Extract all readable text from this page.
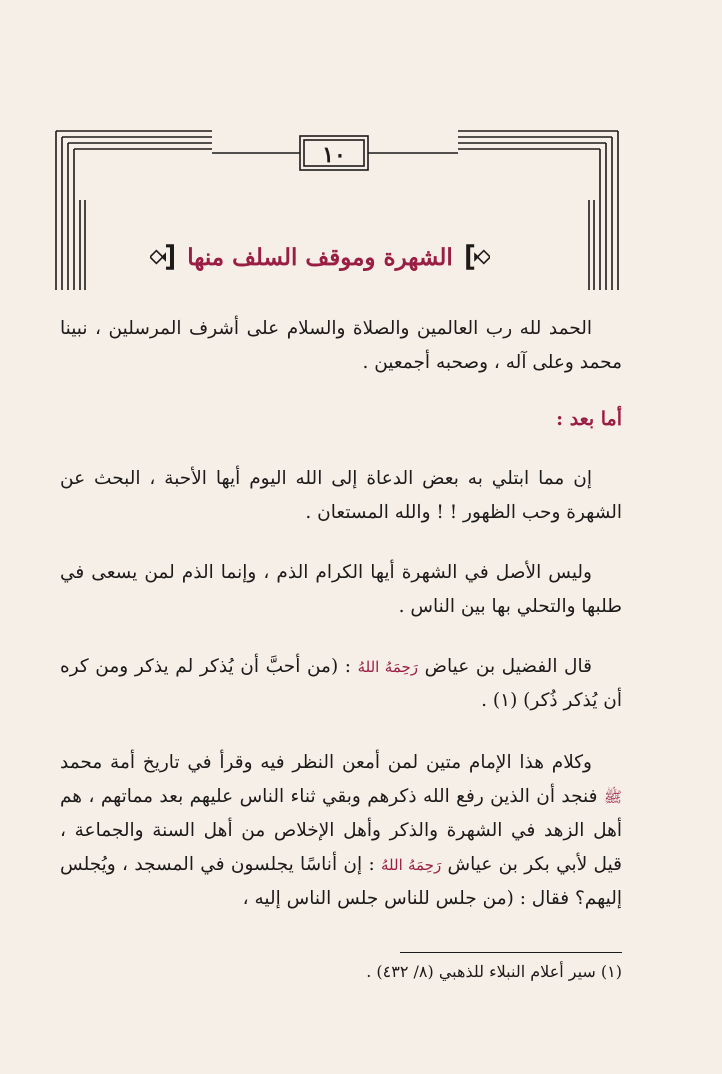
١٠
الشهرة وموقف السلف منها

الحمد لله رب العالمين والصلاة والسلام على أشرف المرسلين ، نبينا محمد وعلى آله ، وصحبه أجمعين .

أما بعد :

إن مما ابتلي به بعض الدعاة إلى الله اليوم أيها الأحبة ، البحث عن الشهرة وحب الظهور ! ! والله المستعان .

وليس الأصل في الشهرة أيها الكرام الذم ، وإنما الذم لمن يسعى في طلبها والتحلي بها بين الناس .

قال الفضيل بن عياض رَحِمَهُ اللهُ : (من أحبَّ أن يُذكر لم يذكر ومن كره أن يُذكر ذُكر) (١) .

وكلام هذا الإمام متين لمن أمعن النظر فيه وقرأ في تاريخ أمة محمد ﷺ فنجد أن الذين رفع الله ذكرهم وبقي ثناء الناس عليهم بعد مماتهم ، هم أهل الزهد في الشهرة والذكر وأهل الإخلاص من أهل السنة والجماعة ، قيل لأبي بكر بن عياش رَحِمَهُ اللهُ : إن أناسًا يجلسون في المسجد ، ويُجلس إليهم؟ فقال : (من جلس للناس جلس الناس إليه ،

(١) سير أعلام النبلاء للذهبي (٨/ ٤٣٢) .
